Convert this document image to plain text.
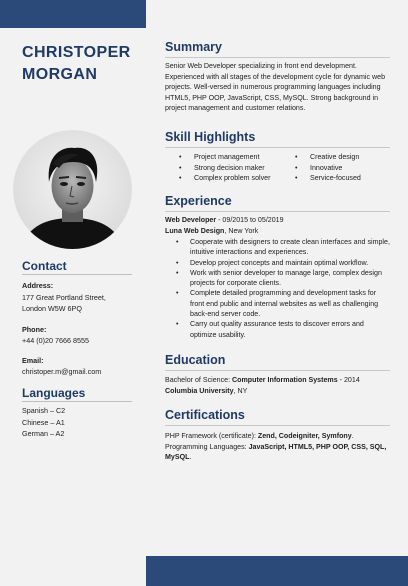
CHRISTOPER
MORGAN
Contact
Address:
177 Great Portland Street,
London W5W 6PQ
Phone:
+44 (0)20 7666 8555
Email:
christoper.m@gmail.com
Languages
Spanish – C2
Chinese – A1
German – A2
Summary
Senior Web Developer specializing in front end development. Experienced with all stages of the development cycle for dynamic web projects. Well-versed in numerous programming languages including HTML5, PHP OOP, JavaScript, CSS, MySQL. Strong background in project management and customer relations.
Skill Highlights
• Project management
• Strong decision maker
• Complex problem solver
• Creative design
• Innovative
• Service-focused
Experience
Web Developer - 09/2015 to 05/2019
Luna Web Design, New York
• Cooperate with designers to create clean interfaces and simple, intuitive interactions and experiences.
• Develop project concepts and maintain optimal workflow.
• Work with senior developer to manage large, complex design projects for corporate clients.
• Complete detailed programming and development tasks for front end public and internal websites as well as challenging back-end server code.
• Carry out quality assurance tests to discover errors and optimize usability.
Education
Bachelor of Science: Computer Information Systems - 2014
Columbia University, NY
Certifications
PHP Framework (certificate): Zend, Codeigniter, Symfony.
Programming Languages: JavaScript, HTML5, PHP OOP, CSS, SQL, MySQL.
